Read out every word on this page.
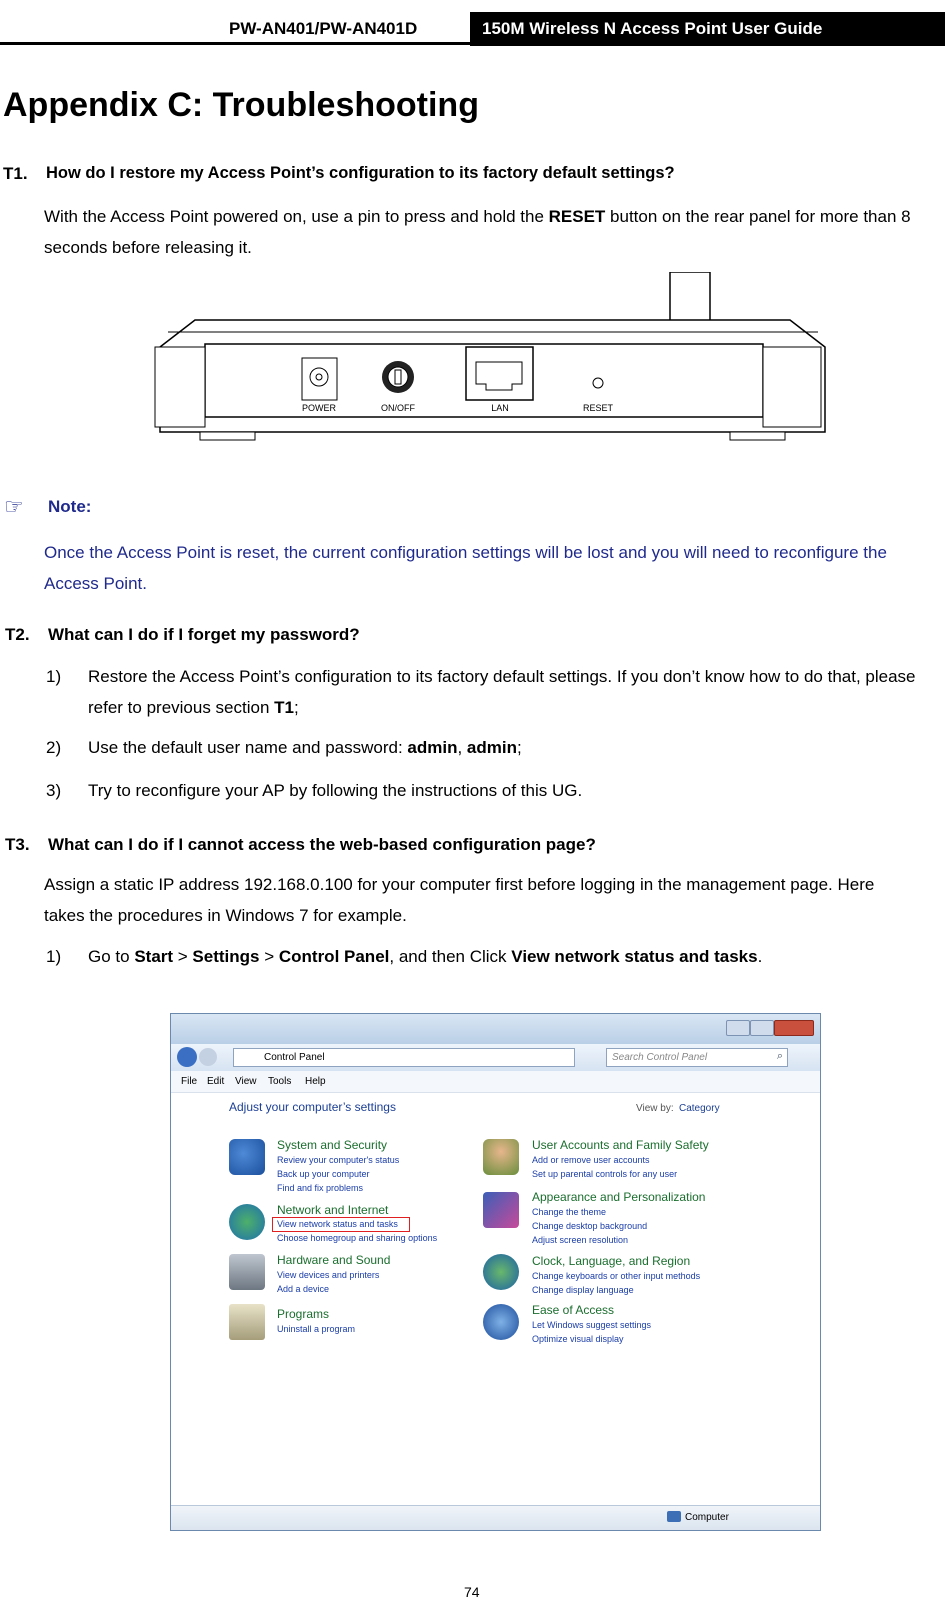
PW-AN401/PW-AN401D	150M Wireless N Access Point User Guide
Appendix C: Troubleshooting
T1. How do I restore my Access Point’s configuration to its factory default settings?
With the Access Point powered on, use a pin to press and hold the RESET button on the rear panel for more than 8 seconds before releasing it.
POWER	ON/OFF	LAN	RESET
☞ Note:
Once the Access Point is reset, the current configuration settings will be lost and you will need to reconfigure the Access Point.
T2. What can I do if I forget my password?
1) Restore the Access Point’s configuration to its factory default settings. If you don’t know how to do that, please refer to previous section T1;
2) Use the default user name and password: admin, admin;
3) Try to reconfigure your AP by following the instructions of this UG.
T3. What can I do if I cannot access the web-based configuration page?
Assign a static IP address 192.168.0.100 for your computer first before logging in the management page. Here takes the procedures in Windows 7 for example.
1) Go to Start > Settings > Control Panel, and then Click View network status and tasks.
Control Panel	Search Control Panel	⌕
File Edit View Tools Help
Adjust your computer’s settings	View by: Category
System and Security
Review your computer's status
Back up your computer
Find and fix problems
Network and Internet
View network status and tasks
Choose homegroup and sharing options
Hardware and Sound
View devices and printers
Add a device
Programs
Uninstall a program
User Accounts and Family Safety
Add or remove user accounts
Set up parental controls for any user
Appearance and Personalization
Change the theme
Change desktop background
Adjust screen resolution
Clock, Language, and Region
Change keyboards or other input methods
Change display language
Ease of Access
Let Windows suggest settings
Optimize visual display
Computer
74
